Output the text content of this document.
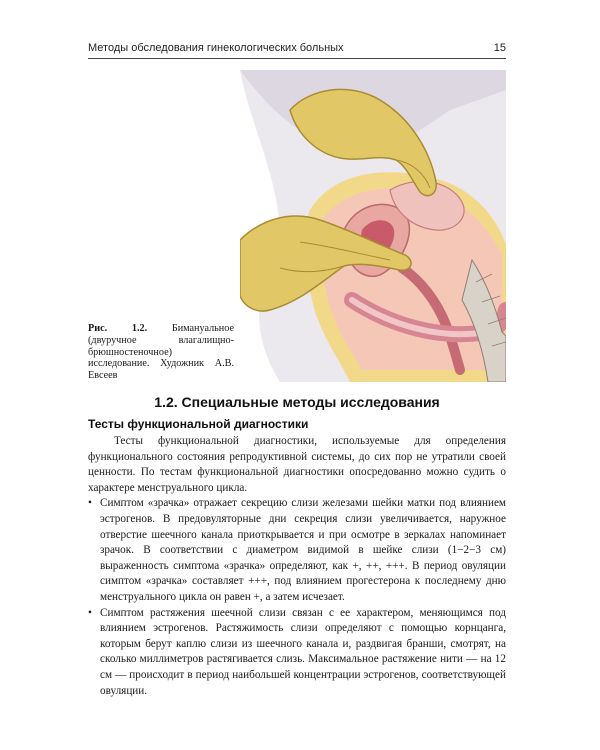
Методы обследования гинекологических больных	15
Рис. 1.2. Бимануальное (двуручное влагалищно-брюшностеночное) исследование. Художник А.В. Евсеев
1.2. Специальные методы исследования
Тесты функциональной диагностики

Тесты функциональной диагностики, используемые для определения функционального состояния репродуктивной системы, до сих пор не утратили своей ценности. По тестам функциональной диагностики опосредованно можно судить о характере менструального цикла.

• Симптом «зрачка» отражает секрецию слизи железами шейки матки под влиянием эстрогенов. В предовуляторные дни секреция слизи увеличивается, наружное отверстие шеечного канала приоткрывается и при осмотре в зеркалах напоминает зрачок. В соответствии с диаметром видимой в шейке слизи (1−2−3 см) выраженность симптома «зрачка» определяют, как +, ++, +++. В период овуляции симптом «зрачка» составляет +++, под влиянием прогестерона к последнему дню менструального цикла он равен +, а затем исчезает.
• Симптом растяжения шеечной слизи связан с ее характером, меняющимся под влиянием эстрогенов. Растяжимость слизи определяют с помощью корнцанга, которым берут каплю слизи из шеечного канала и, раздвигая бранши, смотрят, на сколько миллиметров растягивается слизь. Максимальное растяжение нити — на 12 см — происходит в период наибольшей концентрации эстрогенов, соответствующей овуляции.
